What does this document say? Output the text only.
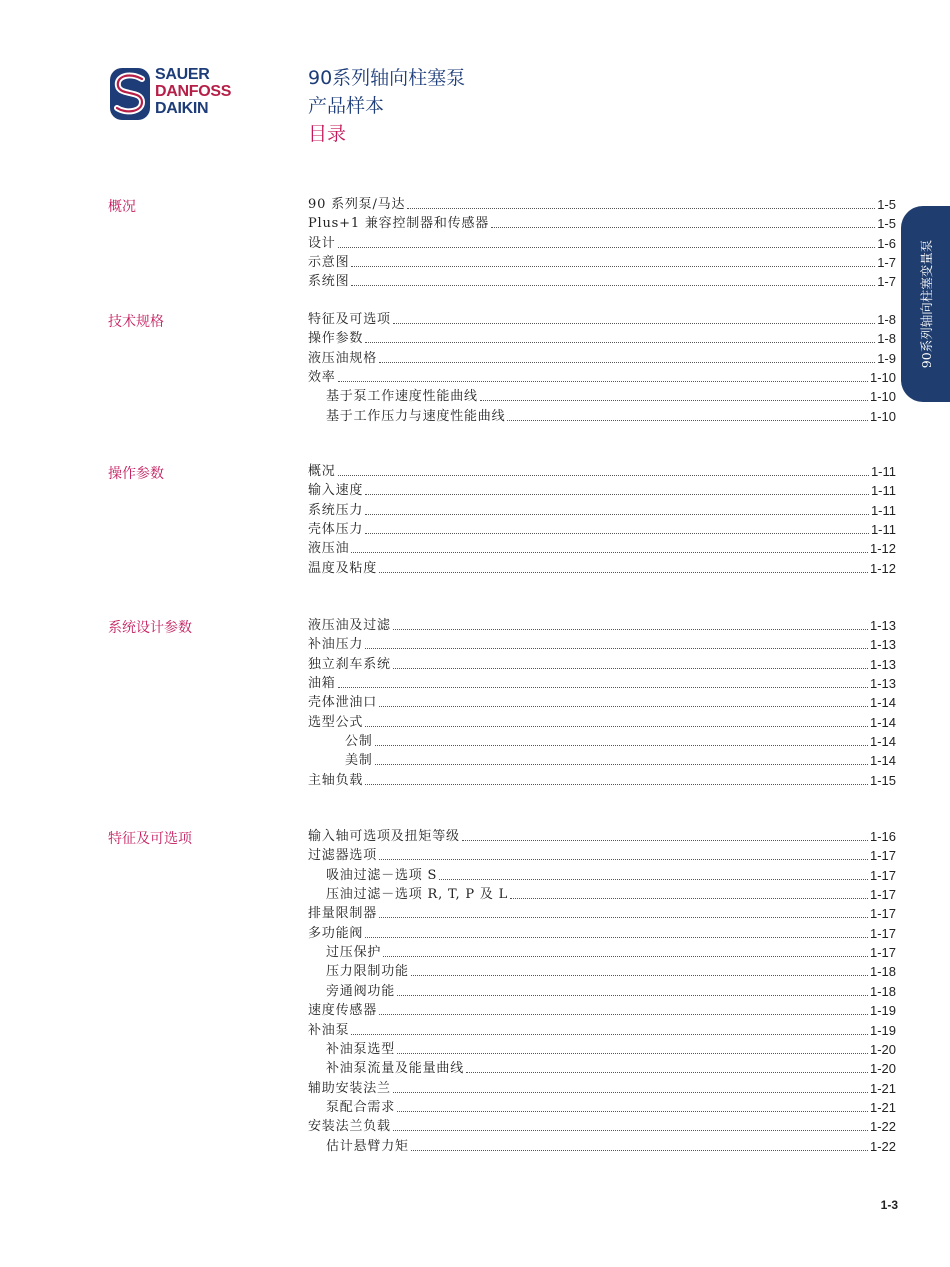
SAUER
DANFOSS
DAIKIN
90系列轴向柱塞泵
产品样本
目录
90系列轴向柱塞变量泵
概况	90 系列泵/马达	1-5
Plus+1 兼容控制器和传感器	1-5
设计	1-6
示意图	1-7
系统图	1-7
技术规格	特征及可选项	1-8
操作参数	1-8
液压油规格	1-9
效率	1-10
基于泵工作速度性能曲线	1-10
基于工作压力与速度性能曲线	1-10
操作参数	概况	1-11
输入速度	1-11
系统压力	1-11
壳体压力	1-11
液压油	1-12
温度及粘度	1-12
系统设计参数	液压油及过滤	1-13
补油压力	1-13
独立刹车系统	1-13
油箱	1-13
壳体泄油口	1-14
选型公式	1-14
公制	1-14
美制	1-14
主轴负载	1-15
特征及可选项	输入轴可选项及扭矩等级	1-16
过滤器选项	1-17
吸油过滤－选项 S	1-17
压油过滤－选项 R, T, P 及 L	1-17
排量限制器	1-17
多功能阀	1-17
过压保护	1-17
压力限制功能	1-18
旁通阀功能	1-18
速度传感器	1-19
补油泵	1-19
补油泵选型	1-20
补油泵流量及能量曲线	1-20
辅助安装法兰	1-21
泵配合需求	1-21
安装法兰负载	1-22
估计悬臂力矩	1-22
1-3
